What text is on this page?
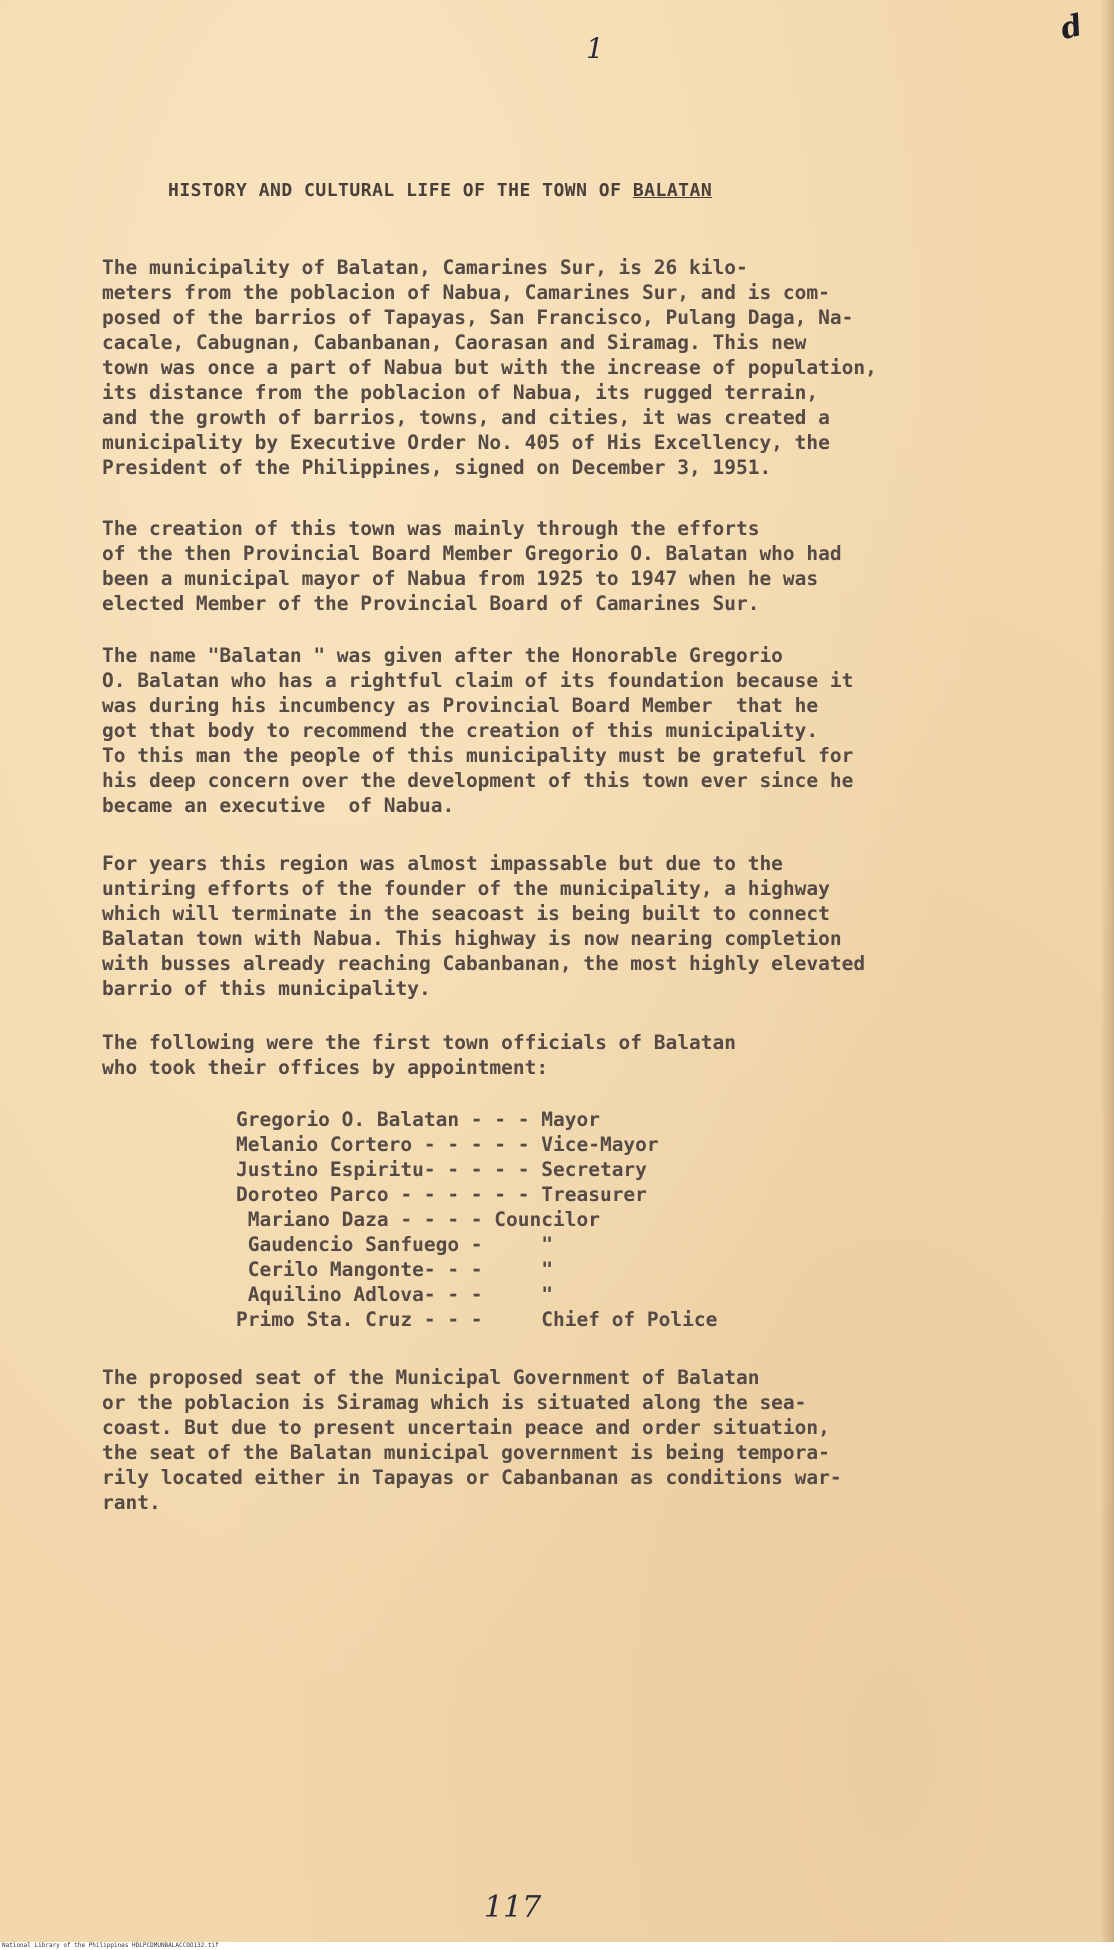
1
d
HISTORY AND CULTURAL LIFE OF THE TOWN OF BALATAN

The municipality of Balatan, Camarines Sur, is 26 kilo-
meters from the poblacion of Nabua, Camarines Sur, and is com-
posed of the barrios of Tapayas, San Francisco, Pulang Daga, Na-
cacale, Cabugnan, Cabanbanan, Caorasan and Siramag. This new
town was once a part of Nabua but with the increase of population,
its distance from the poblacion of Nabua, its rugged terrain,
and the growth of barrios, towns, and cities, it was created a
municipality by Executive Order No. 405 of His Excellency, the
President of the Philippines, signed on December 3, 1951.

The creation of this town was mainly through the efforts
of the then Provincial Board Member Gregorio O. Balatan who had
been a municipal mayor of Nabua from 1925 to 1947 when he was
elected Member of the Provincial Board of Camarines Sur.

The name "Balatan " was given after the Honorable Gregorio
O. Balatan who has a rightful claim of its foundation because it
was during his incumbency as Provincial Board Member  that he
got that body to recommend the creation of this municipality.
To this man the people of this municipality must be grateful for
his deep concern over the development of this town ever since he
became an executive  of Nabua.

For years this region was almost impassable but due to the
untiring efforts of the founder of the municipality, a highway
which will terminate in the seacoast is being built to connect
Balatan town with Nabua. This highway is now nearing completion
with busses already reaching Cabanbanan, the most highly elevated
barrio of this municipality.

The following were the first town officials of Balatan
who took their offices by appointment:

Gregorio O. Balatan - - - Mayor
Melanio Cortero - - - - - Vice-Mayor
Justino Espiritu- - - - - Secretary
Doroteo Parco - - - - - - Treasurer
Mariano Daza - - - - Councilor
Gaudencio Sanfuego - "
Cerilo Mangonte- - - "
Aquilino Adlova- - - "
Primo Sta. Cruz - - - Chief of Police

The proposed seat of the Municipal Government of Balatan
or the poblacion is Siramag which is situated along the sea-
coast. But due to present uncertain peace and order situation,
the seat of the Balatan municipal government is being tempora-
rily located either in Tapayas or Cabanbanan as conditions war-
rant.

117
National Library of the Philippines HDLPCDMUNBALACCOO132.tif
